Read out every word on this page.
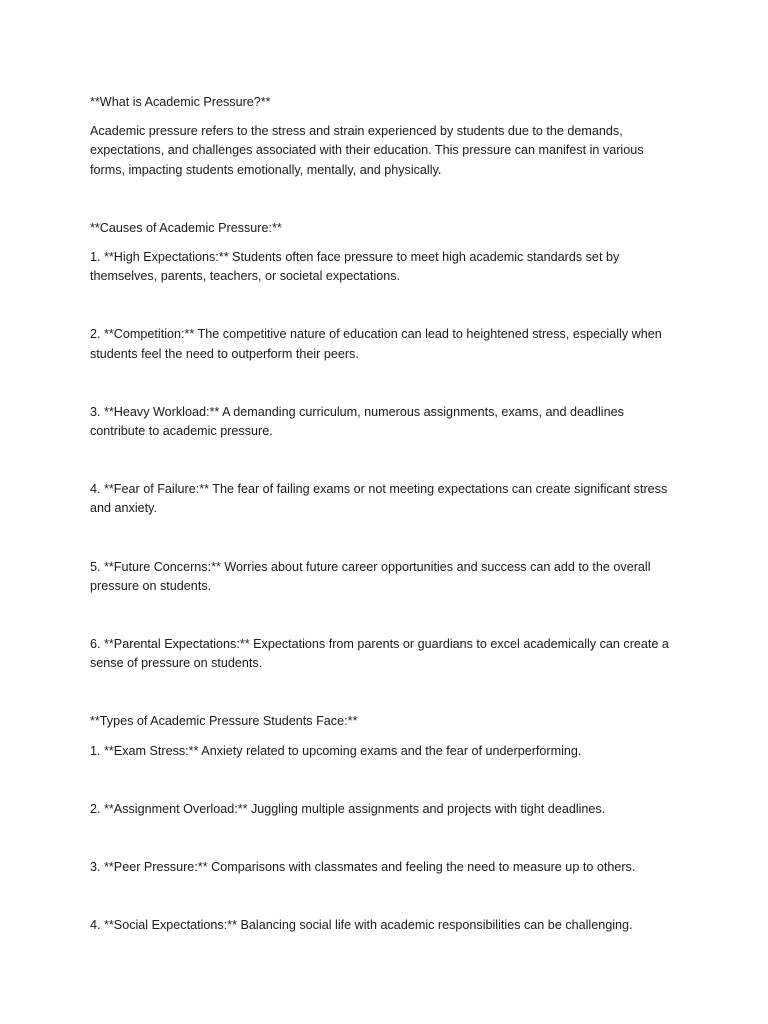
**What is Academic Pressure?**

Academic pressure refers to the stress and strain experienced by students due to the demands, expectations, and challenges associated with their education. This pressure can manifest in various forms, impacting students emotionally, mentally, and physically.

**Causes of Academic Pressure:**

1. **High Expectations:** Students often face pressure to meet high academic standards set by themselves, parents, teachers, or societal expectations.

2. **Competition:** The competitive nature of education can lead to heightened stress, especially when students feel the need to outperform their peers.

3. **Heavy Workload:** A demanding curriculum, numerous assignments, exams, and deadlines contribute to academic pressure.

4. **Fear of Failure:** The fear of failing exams or not meeting expectations can create significant stress and anxiety.

5. **Future Concerns:** Worries about future career opportunities and success can add to the overall pressure on students.

6. **Parental Expectations:** Expectations from parents or guardians to excel academically can create a sense of pressure on students.

**Types of Academic Pressure Students Face:**

1. **Exam Stress:** Anxiety related to upcoming exams and the fear of underperforming.

2. **Assignment Overload:** Juggling multiple assignments and projects with tight deadlines.

3. **Peer Pressure:** Comparisons with classmates and feeling the need to measure up to others.

4. **Social Expectations:** Balancing social life with academic responsibilities can be challenging.
